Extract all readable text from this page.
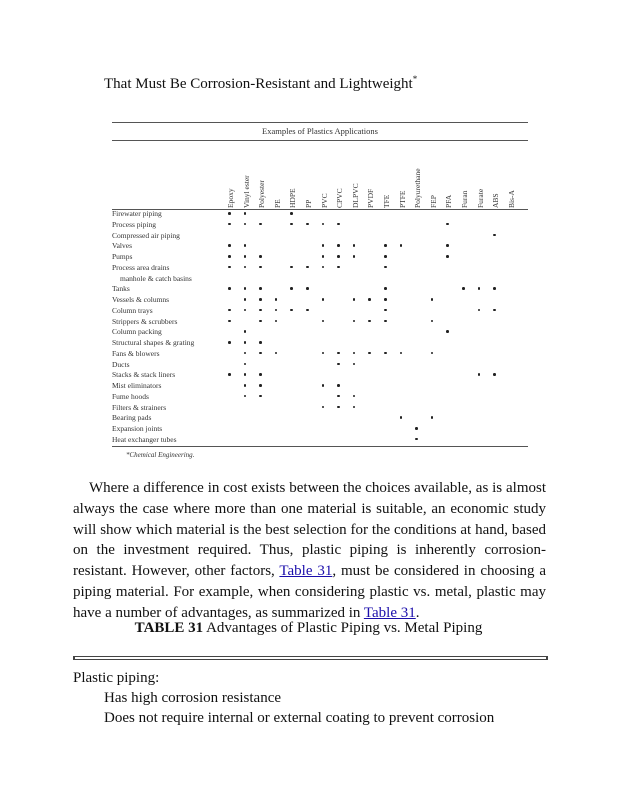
That Must Be Corrosion-Resistant and Lightweight*
Examples of Plastics Applications
*Chemical Engineering.
Epoxy Vinyl ester Polyester PE HDPE PP PVC CPVC DLPVC PVDF TFE PTFE Polyurethane FEP PFA Furan Furate ABS Bis-A
Firewater piping
Process piping
Compressed air piping
Valves
Pumps
Process area drains
manhole & catch basins
Tanks
Vessels & columns
Column trays
Strippers & scrubbers
Column packing
Structural shapes & grating
Fans & blowers
Ducts
Stacks & stack liners
Mist eliminators
Fume hoods
Filters & strainers
Bearing pads
Expansion joints
Heat exchanger tubes

Where a difference in cost exists between the choices available, as is almost always the case where more than one material is suitable, an economic study will show which material is the best selection for the conditions at hand, based on the investment required. Thus, plastic piping is inherently corrosion-resistant. However, other factors, Table 31, must be considered in choosing a piping material. For example, when considering plastic vs. metal, plastic may have a number of advantages, as summarized in Table 31.

TABLE 31 Advantages of Plastic Piping vs. Metal Piping
Plastic piping:
Has high corrosion resistance
Does not require internal or external coating to prevent corrosion
